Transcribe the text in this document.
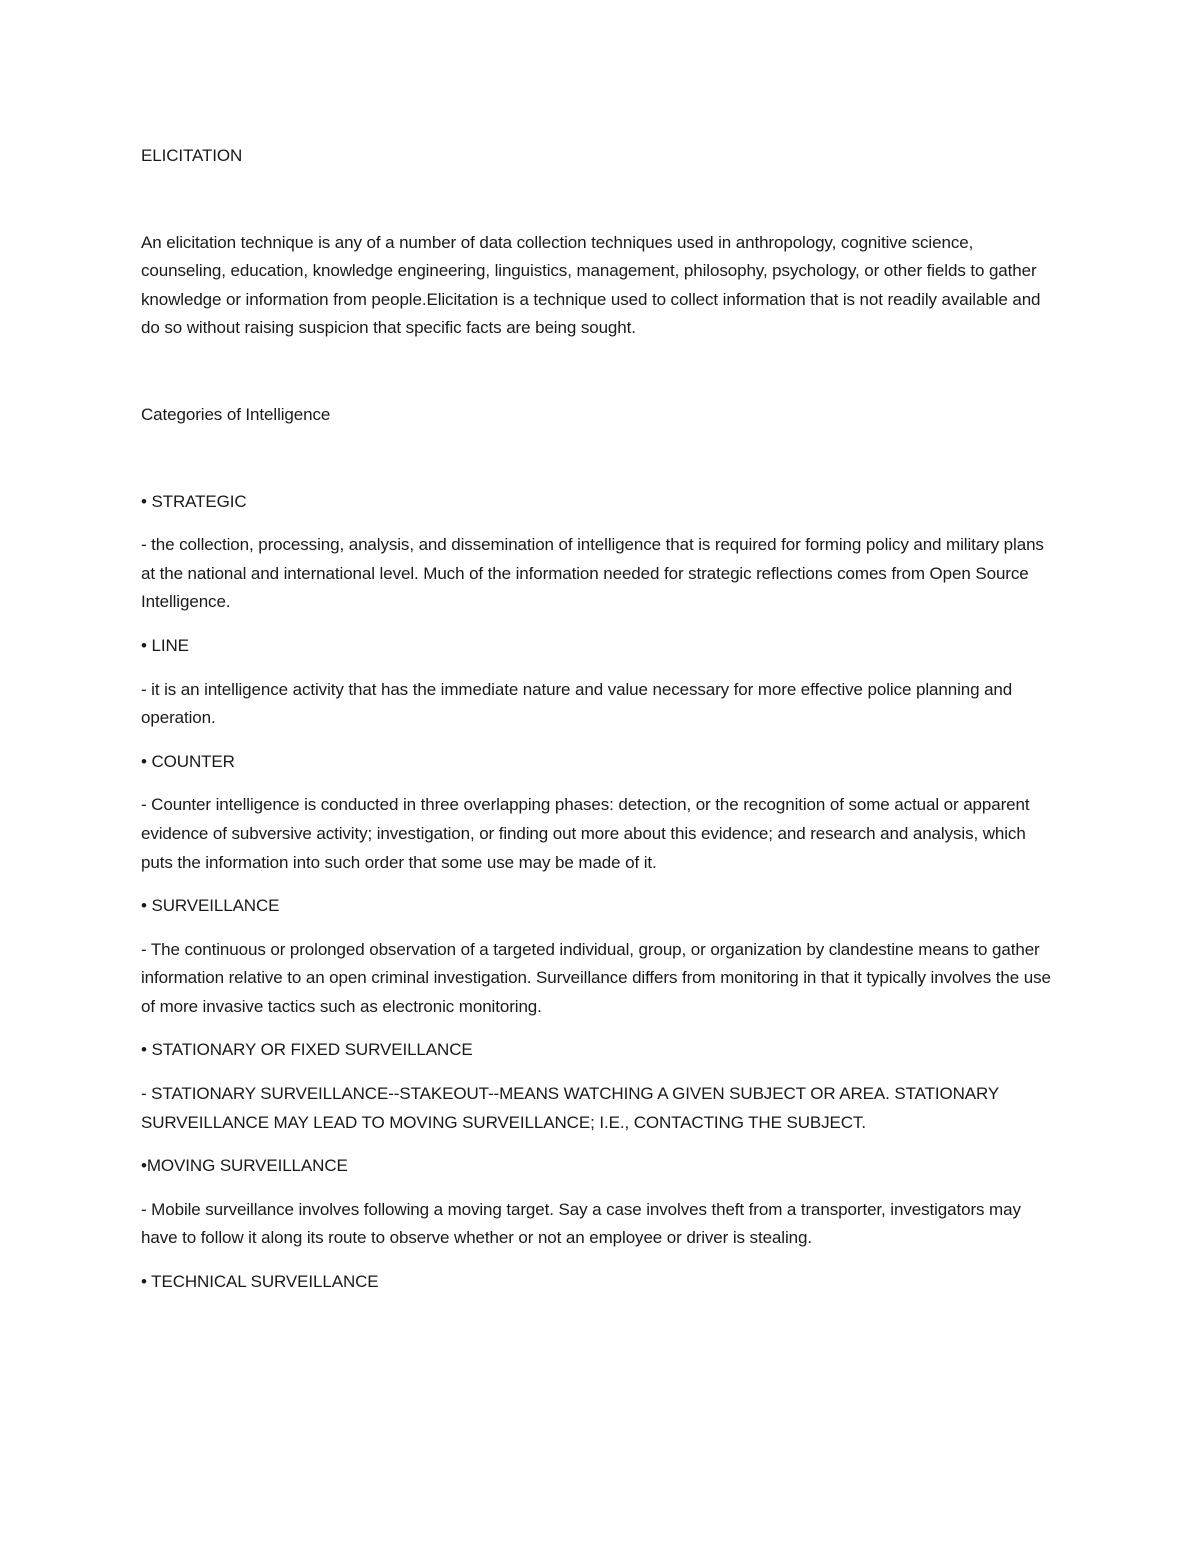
ELICITATION

An elicitation technique is any of a number of data collection techniques used in anthropology, cognitive science, counseling, education, knowledge engineering, linguistics, management, philosophy, psychology, or other fields to gather knowledge or information from people.Elicitation is a technique used to collect information that is not readily available and do so without raising suspicion that specific facts are being sought.

Categories of Intelligence

• STRATEGIC

- the collection, processing, analysis, and dissemination of intelligence that is required for forming policy and military plans at the national and international level. Much of the information needed for strategic reflections comes from Open Source Intelligence.

• LINE

- it is an intelligence activity that has the immediate nature and value necessary for more effective police planning and operation.

• COUNTER

- Counter intelligence is conducted in three overlapping phases: detection, or the recognition of some actual or apparent evidence of subversive activity; investigation, or finding out more about this evidence; and research and analysis, which puts the information into such order that some use may be made of it.

• SURVEILLANCE

- The continuous or prolonged observation of a targeted individual, group, or organization by clandestine means to gather information relative to an open criminal investigation. Surveillance differs from monitoring in that it typically involves the use of more invasive tactics such as electronic monitoring.

• STATIONARY OR FIXED SURVEILLANCE

- STATIONARY SURVEILLANCE--STAKEOUT--MEANS WATCHING A GIVEN SUBJECT OR AREA. STATIONARY SURVEILLANCE MAY LEAD TO MOVING SURVEILLANCE; I.E., CONTACTING THE SUBJECT.

•MOVING SURVEILLANCE

- Mobile surveillance involves following a moving target. Say a case involves theft from a transporter, investigators may have to follow it along its route to observe whether or not an employee or driver is stealing.

• TECHNICAL SURVEILLANCE
